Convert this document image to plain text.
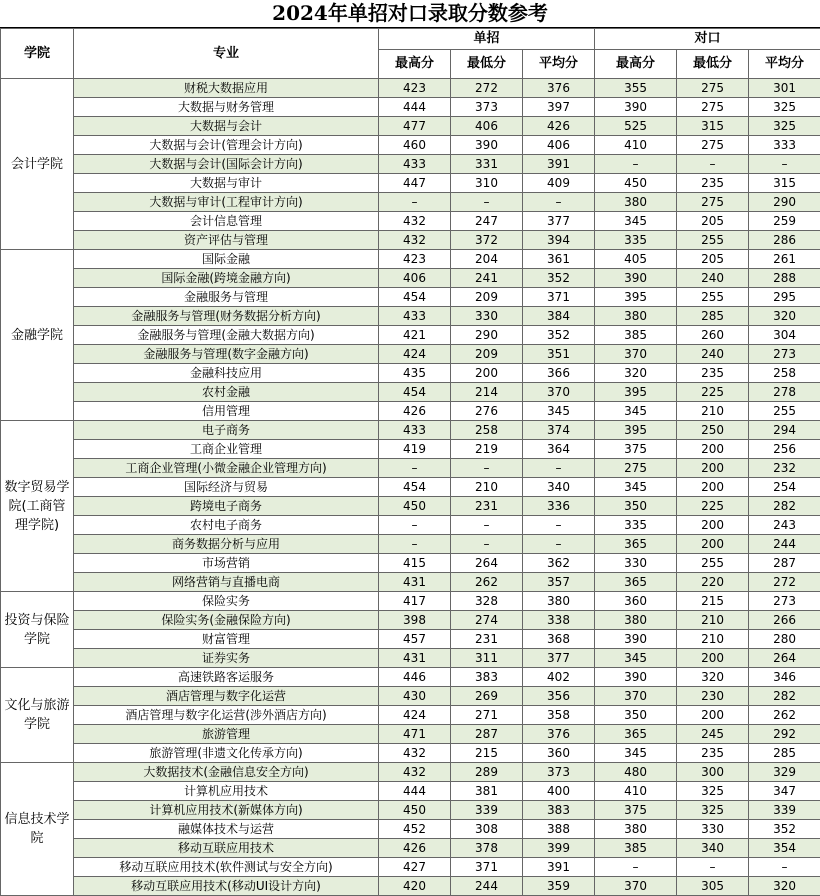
2024年单招对口录取分数参考
学院	专业	单招			对口		
		最高分	最低分	平均分	最高分	最低分	平均分
会计学院	财税大数据应用	423	272	376	355	275	301
	大数据与财务管理	444	373	397	390	275	325
	大数据与会计	477	406	426	525	315	325
	大数据与会计(管理会计方向)	460	390	406	410	275	333
	大数据与会计(国际会计方向)	433	331	391	–	–	–
	大数据与审计	447	310	409	450	235	315
	大数据与审计(工程审计方向)	–	–	–	380	275	290
	会计信息管理	432	247	377	345	205	259
	资产评估与管理	432	372	394	335	255	286
金融学院	国际金融	423	204	361	405	205	261
	国际金融(跨境金融方向)	406	241	352	390	240	288
	金融服务与管理	454	209	371	395	255	295
	金融服务与管理(财务数据分析方向)	433	330	384	380	285	320
	金融服务与管理(金融大数据方向)	421	290	352	385	260	304
	金融服务与管理(数字金融方向)	424	209	351	370	240	273
	金融科技应用	435	200	366	320	235	258
	农村金融	454	214	370	395	225	278
	信用管理	426	276	345	345	210	255
数字贸易学院(工商管理学院)	电子商务	433	258	374	395	250	294
	工商企业管理	419	219	364	375	200	256
	工商企业管理(小微金融企业管理方向)	–	–	–	275	200	232
	国际经济与贸易	454	210	340	345	200	254
	跨境电子商务	450	231	336	350	225	282
	农村电子商务	–	–	–	335	200	243
	商务数据分析与应用	–	–	–	365	200	244
	市场营销	415	264	362	330	255	287
	网络营销与直播电商	431	262	357	365	220	272
投资与保险学院	保险实务	417	328	380	360	215	273
	保险实务(金融保险方向)	398	274	338	380	210	266
	财富管理	457	231	368	390	210	280
	证券实务	431	311	377	345	200	264
文化与旅游学院	高速铁路客运服务	446	383	402	390	320	346
	酒店管理与数字化运营	430	269	356	370	230	282
	酒店管理与数字化运营(涉外酒店方向)	424	271	358	350	200	262
	旅游管理	471	287	376	365	245	292
	旅游管理(非遗文化传承方向)	432	215	360	345	235	285
信息技术学院	大数据技术(金融信息安全方向)	432	289	373	480	300	329
	计算机应用技术	444	381	400	410	325	347
	计算机应用技术(新媒体方向)	450	339	383	375	325	339
	融媒体技术与运营	452	308	388	380	330	352
	移动互联应用技术	426	378	399	385	340	354
	移动互联应用技术(软件测试与安全方向)	427	371	391	–	–	–
	移动互联应用技术(移动UI设计方向)	420	244	359	370	305	320
